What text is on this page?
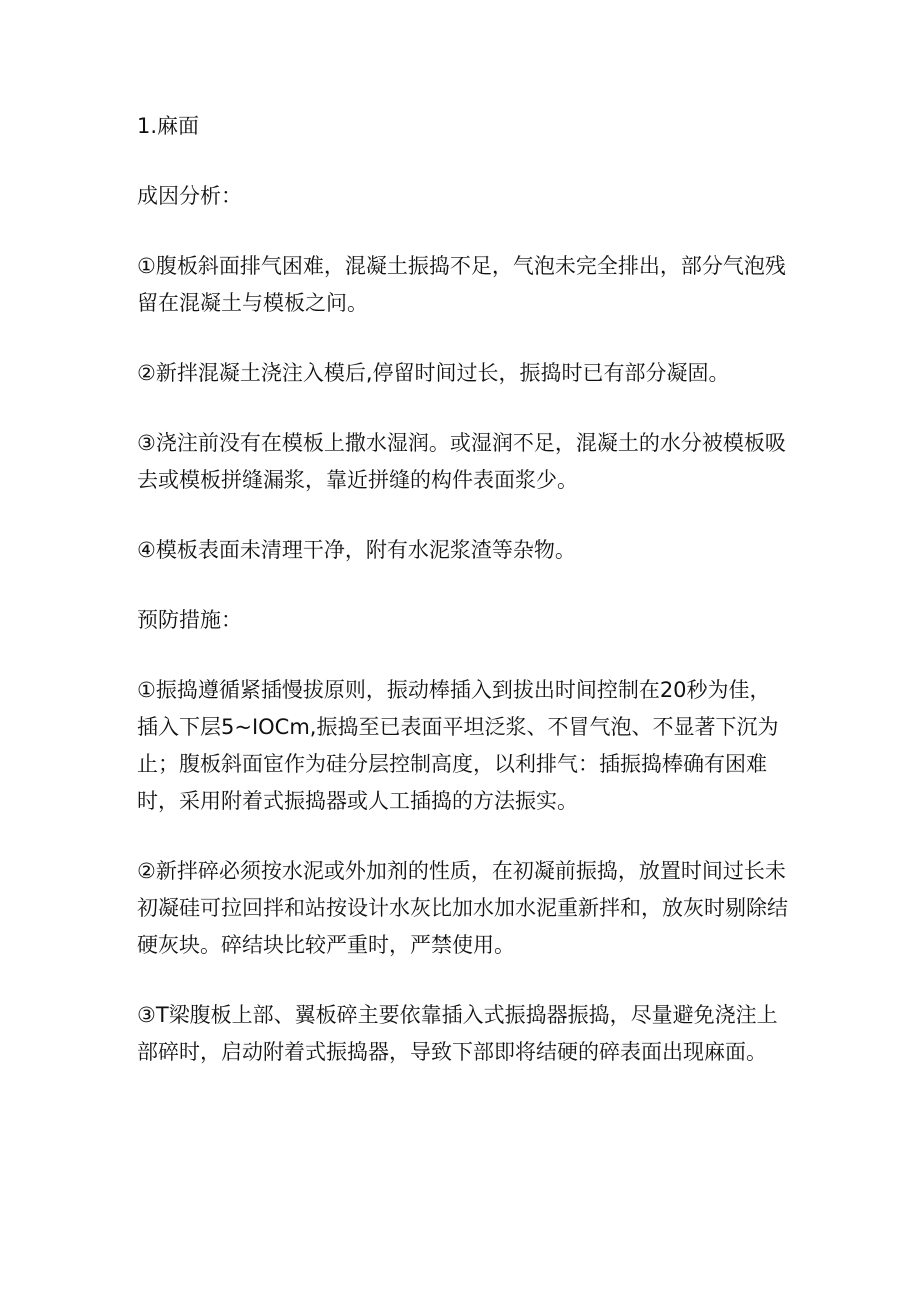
1.麻面

成因分析：

①腹板斜面排气困难，混凝土振捣不足，气泡未完全排出，部分气泡残留在混凝土与模板之问。

②新拌混凝土浇注入模后,停留时间过长，振捣时已有部分凝固。

③浇注前没有在模板上撒水湿润。或湿润不足，混凝土的水分被模板吸去或模板拼缝漏浆，靠近拼缝的构件表面浆少。

④模板表面未清理干净，附有水泥浆渣等杂物。

预防措施：

①振捣遵循紧插慢拔原则，振动棒插入到拔出时间控制在20秒为佳，插入下层5~IOCm,振捣至已表面平坦泛浆、不冒气泡、不显著下沉为止；腹板斜面宦作为硅分层控制高度，以利排气：插振捣棒确有困难时，采用附着式振捣器或人工插捣的方法振实。

②新拌碎必须按水泥或外加剂的性质，在初凝前振捣，放置时间过长未初凝硅可拉回拌和站按设计水灰比加水加水泥重新拌和，放灰时剔除结硬灰块。碎结块比较严重时，严禁使用。

③T梁腹板上部、翼板碎主要依靠插入式振捣器振捣，尽量避免浇注上部碎时，启动附着式振捣器，导致下部即将结硬的碎表面出现麻面。
